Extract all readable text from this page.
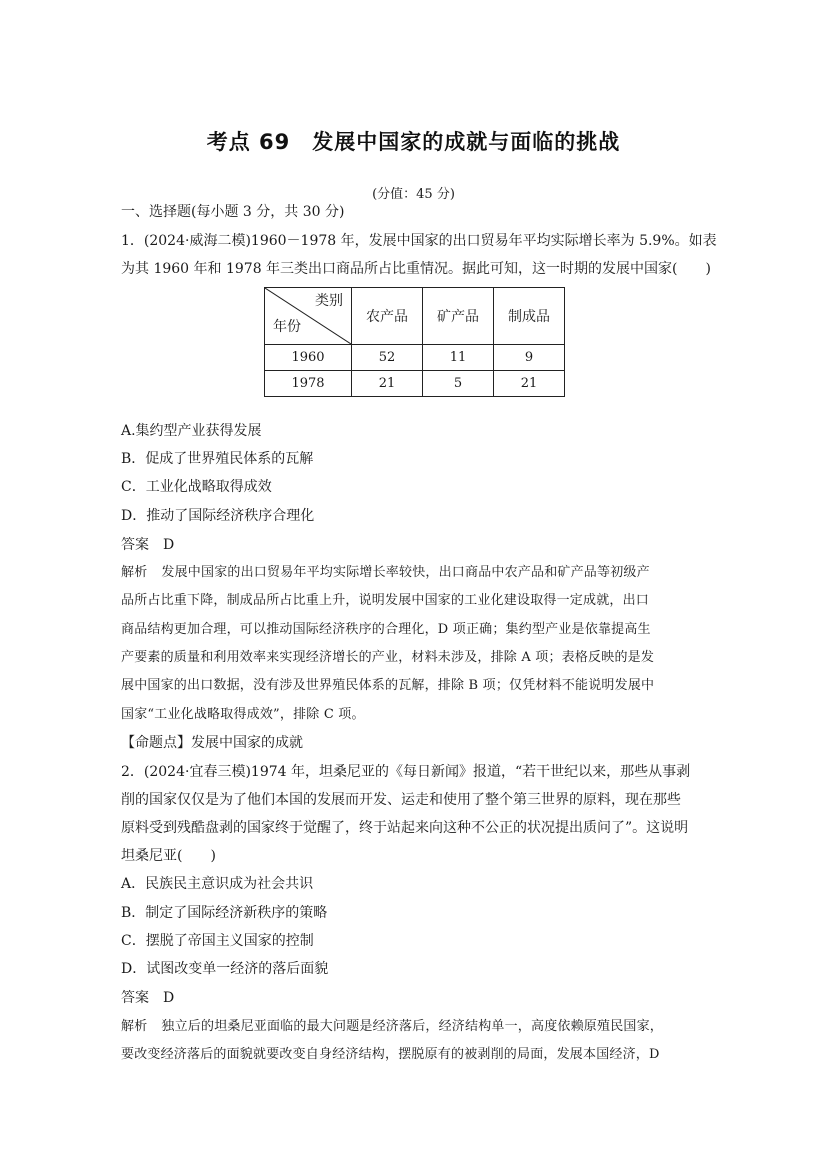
考点 69　发展中国家的成就与面临的挑战
(分值：45 分)
一、选择题(每小题 3 分，共 30 分)
1．(2024·威海二模)1960－1978 年，发展中国家的出口贸易年平均实际增长率为 5.9%。如表
为其 1960 年和 1978 年三类出口商品所占比重情况。据此可知，这一时期的发展中国家(　　)
类别
年份	农产品	矿产品	制成品
1960	52	11	9
1978	21	5	21
A.集约型产业获得发展
B．促成了世界殖民体系的瓦解
C．工业化战略取得成效
D．推动了国际经济秩序合理化
答案 D
解析 发展中国家的出口贸易年平均实际增长率较快，出口商品中农产品和矿产品等初级产
品所占比重下降，制成品所占比重上升，说明发展中国家的工业化建设取得一定成就，出口
商品结构更加合理，可以推动国际经济秩序的合理化，D 项正确；集约型产业是依靠提高生
产要素的质量和利用效率来实现经济增长的产业，材料未涉及，排除 A 项；表格反映的是发
展中国家的出口数据，没有涉及世界殖民体系的瓦解，排除 B 项；仅凭材料不能说明发展中
国家“工业化战略取得成效”，排除 C 项。
【命题点】发展中国家的成就
2．(2024·宜春三模)1974 年，坦桑尼亚的《每日新闻》报道，“若干世纪以来，那些从事剥
削的国家仅仅是为了他们本国的发展而开发、运走和使用了整个第三世界的原料，现在那些
原料受到残酷盘剥的国家终于觉醒了，终于站起来向这种不公正的状况提出质问了”。这说明
坦桑尼亚(　　)
A．民族民主意识成为社会共识
B．制定了国际经济新秩序的策略
C．摆脱了帝国主义国家的控制
D．试图改变单一经济的落后面貌
答案 D
解析 独立后的坦桑尼亚面临的最大问题是经济落后，经济结构单一，高度依赖原殖民国家，
要改变经济落后的面貌就要改变自身经济结构，摆脱原有的被剥削的局面，发展本国经济，D
